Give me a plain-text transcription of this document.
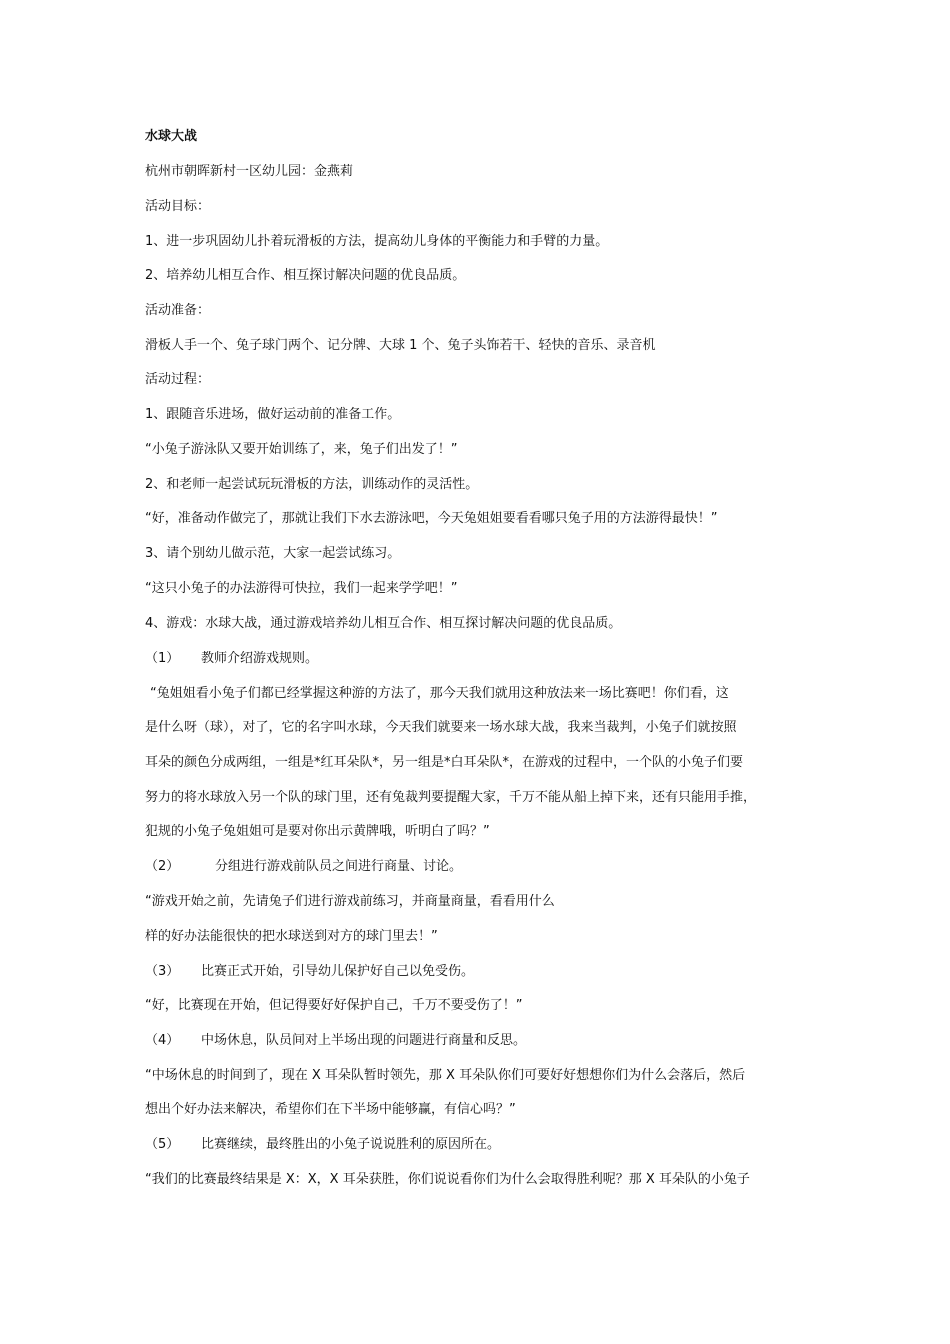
水球大战

杭州市朝晖新村一区幼儿园：金燕莉

活动目标：

1、进一步巩固幼儿扑着玩滑板的方法，提高幼儿身体的平衡能力和手臂的力量。

2、培养幼儿相互合作、相互探讨解决问题的优良品质。

活动准备：

滑板人手一个、兔子球门两个、记分牌、大球 1 个、兔子头饰若干、轻快的音乐、录音机

活动过程：

1、跟随音乐进场，做好运动前的准备工作。

“小兔子游泳队又要开始训练了，来，兔子们出发了！”

2、和老师一起尝试玩玩滑板的方法，训练动作的灵活性。

“好，准备动作做完了，那就让我们下水去游泳吧，今天兔姐姐要看看哪只兔子用的方法游得最快！”

3、请个别幼儿做示范，大家一起尝试练习。

“这只小兔子的办法游得可快拉，我们一起来学学吧！”

4、游戏：水球大战，通过游戏培养幼儿相互合作、相互探讨解决问题的优良品质。

（1）	教师介绍游戏规则。

“兔姐姐看小兔子们都已经掌握这种游的方法了，那今天我们就用这种放法来一场比赛吧！你们看，这

是什么呀（球），对了，它的名字叫水球，今天我们就要来一场水球大战，我来当裁判，小兔子们就按照

耳朵的颜色分成两组，一组是*红耳朵队*，另一组是*白耳朵队*，在游戏的过程中，一个队的小兔子们要

努力的将水球放入另一个队的球门里，还有兔裁判要提醒大家，千万不能从船上掉下来，还有只能用手推，

犯规的小兔子兔姐姐可是要对你出示黄牌哦，听明白了吗？”

（2）	分组进行游戏前队员之间进行商量、讨论。

“游戏开始之前，先请兔子们进行游戏前练习，并商量商量，看看用什么

样的好办法能很快的把水球送到对方的球门里去！”

（3）	比赛正式开始，引导幼儿保护好自己以免受伤。

“好，比赛现在开始，但记得要好好保护自己，千万不要受伤了！”

（4）	中场休息，队员间对上半场出现的问题进行商量和反思。

“中场休息的时间到了，现在 X 耳朵队暂时领先，那 X 耳朵队你们可要好好想想你们为什么会落后，然后

想出个好办法来解决，希望你们在下半场中能够赢，有信心吗？”

（5）	比赛继续，最终胜出的小兔子说说胜利的原因所在。

“我们的比赛最终结果是 X：X，X 耳朵获胜，你们说说看你们为什么会取得胜利呢？那 X 耳朵队的小兔子
